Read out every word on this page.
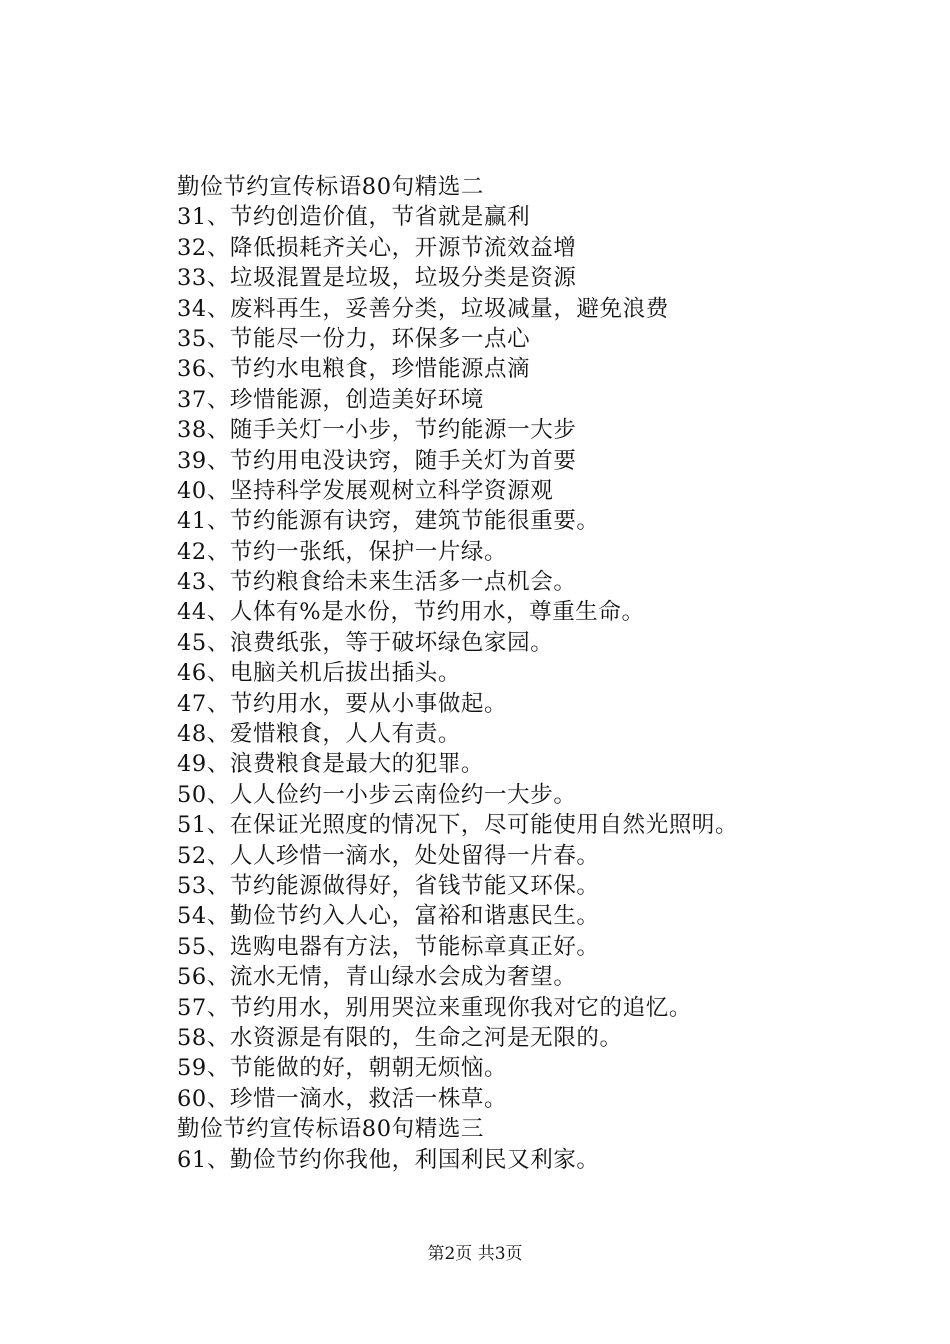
勤俭节约宣传标语80句精选二
31、节约创造价值，节省就是赢利
32、降低损耗齐关心，开源节流效益增
33、垃圾混置是垃圾，垃圾分类是资源
34、废料再生，妥善分类，垃圾减量，避免浪费
35、节能尽一份力，环保多一点心
36、节约水电粮食，珍惜能源点滴
37、珍惜能源，创造美好环境
38、随手关灯一小步，节约能源一大步
39、节约用电没诀窍，随手关灯为首要
40、坚持科学发展观树立科学资源观
41、节约能源有诀窍，建筑节能很重要。
42、节约一张纸，保护一片绿。
43、节约粮食给未来生活多一点机会。
44、人体有%是水份，节约用水，尊重生命。
45、浪费纸张，等于破坏绿色家园。
46、电脑关机后拔出插头。
47、节约用水，要从小事做起。
48、爱惜粮食，人人有责。
49、浪费粮食是最大的犯罪。
50、人人俭约一小步云南俭约一大步。
51、在保证光照度的情况下，尽可能使用自然光照明。
52、人人珍惜一滴水，处处留得一片春。
53、节约能源做得好，省钱节能又环保。
54、勤俭节约入人心，富裕和谐惠民生。
55、选购电器有方法，节能标章真正好。
56、流水无情，青山绿水会成为奢望。
57、节约用水，别用哭泣来重现你我对它的追忆。
58、水资源是有限的，生命之河是无限的。
59、节能做的好，朝朝无烦恼。
60、珍惜一滴水，救活一株草。
勤俭节约宣传标语80句精选三
61、勤俭节约你我他，利国利民又利家。
第2页 共3页
